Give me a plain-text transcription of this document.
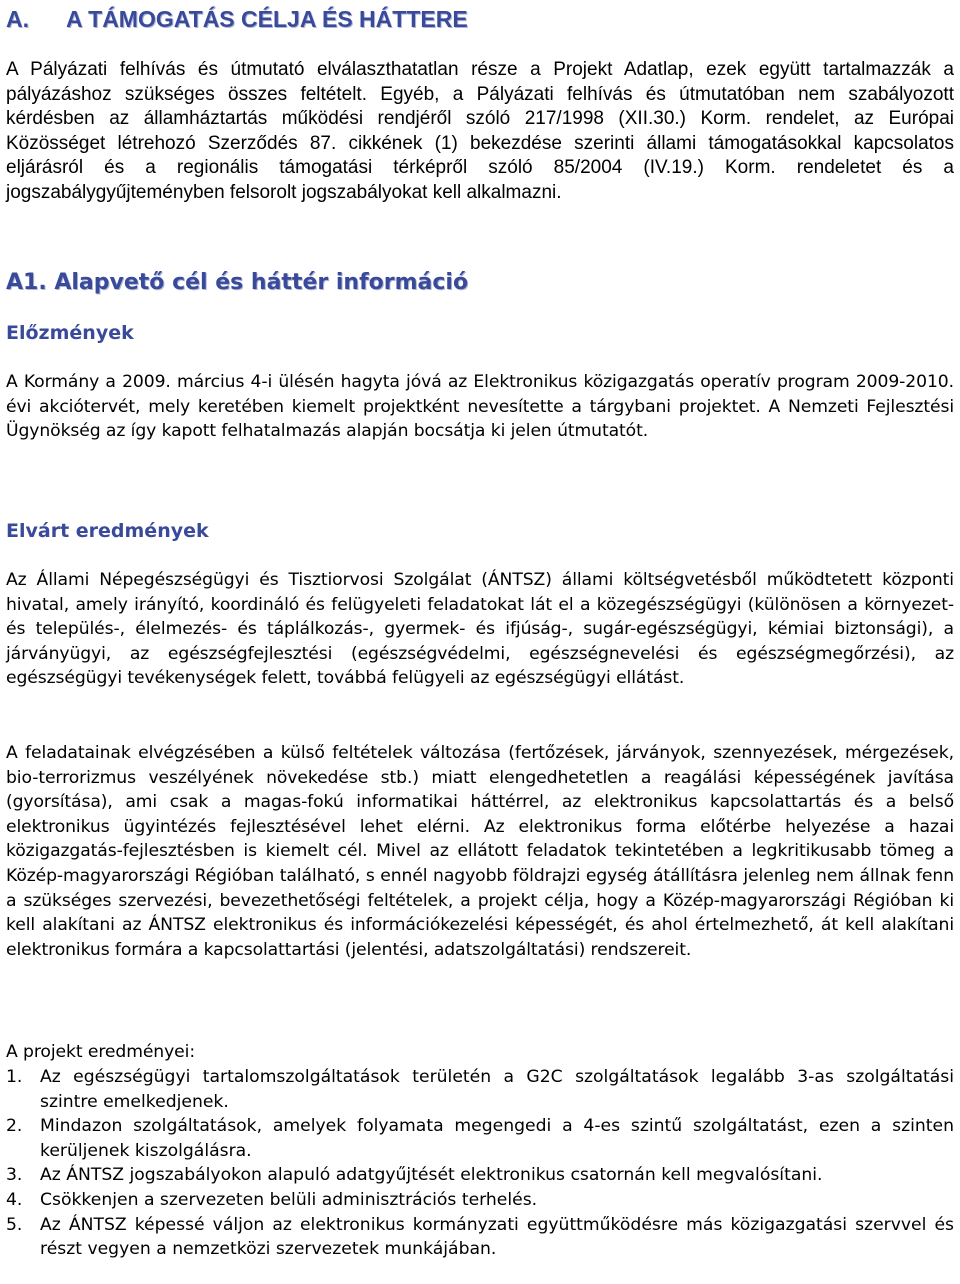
A. A TÁMOGATÁS CÉLJA ÉS HÁTTERE

A Pályázati felhívás és útmutató elválaszthatatlan része a Projekt Adatlap, ezek együtt tartalmazzák a pályázáshoz szükséges összes feltételt. Egyéb, a Pályázati felhívás és útmutatóban nem szabályozott kérdésben az államháztartás működési rendjéről szóló 217/1998 (XII.30.) Korm. rendelet, az Európai Közösséget létrehozó Szerződés 87. cikkének (1) bekezdése szerinti állami támogatásokkal kapcsolatos eljárásról és a regionális támogatási térképről szóló 85/2004 (IV.19.) Korm. rendeletet és a jogszabálygyűjteményben felsorolt jogszabályokat kell alkalmazni.

A1. Alapvető cél és háttér információ
Előzmények

A Kormány a 2009. március 4-i ülésén hagyta jóvá az Elektronikus közigazgatás operatív program 2009-2010. évi akciótervét, mely keretében kiemelt projektként nevesítette a tárgybani projektet. A Nemzeti Fejlesztési Ügynökség az így kapott felhatalmazás alapján bocsátja ki jelen útmutatót.

Elvárt eredmények

Az Állami Népegészségügyi és Tisztiorvosi Szolgálat (ÁNTSZ) állami költségvetésből működtetett központi hivatal, amely irányító, koordináló és felügyeleti feladatokat lát el a közegészségügyi (különösen a környezet- és település-, élelmezés- és táplálkozás-, gyermek- és ifjúság-, sugár-egészségügyi, kémiai biztonsági), a járványügyi, az egészségfejlesztési (egészségvédelmi, egészségnevelési és egészségmegőrzési), az egészségügyi tevékenységek felett, továbbá felügyeli az egészségügyi ellátást.

A feladatainak elvégzésében a külső feltételek változása (fertőzések, járványok, szennyezések, mérgezések, bio-terrorizmus veszélyének növekedése stb.) miatt elengedhetetlen a reagálási képességének javítása (gyorsítása), ami csak a magas-fokú informatikai háttérrel, az elektronikus kapcsolattartás és a belső elektronikus ügyintézés fejlesztésével lehet elérni. Az elektronikus forma előtérbe helyezése a hazai közigazgatás-fejlesztésben is kiemelt cél. Mivel az ellátott feladatok tekintetében a legkritikusabb tömeg a Közép-magyarországi Régióban található, s ennél nagyobb földrajzi egység átállításra jelenleg nem állnak fenn a szükséges szervezési, bevezethetőségi feltételek, a projekt célja, hogy a Közép-magyarországi Régióban ki kell alakítani az ÁNTSZ elektronikus és információkezelési képességét, és ahol értelmezhető, át kell alakítani elektronikus formára a kapcsolattartási (jelentési, adatszolgáltatási) rendszereit.

A projekt eredményei:

1.	Az egészségügyi tartalomszolgáltatások területén a G2C szolgáltatások legalább 3-as szolgáltatási szintre emelkedjenek.
2.	Mindazon szolgáltatások, amelyek folyamata megengedi a 4-es szintű szolgáltatást, ezen a szinten kerüljenek kiszolgálásra.
3.	Az ÁNTSZ jogszabályokon alapuló adatgyűjtését elektronikus csatornán kell megvalósítani.
4.	Csökkenjen a szervezeten belüli adminisztrációs terhelés.
5.	Az ÁNTSZ képessé váljon az elektronikus kormányzati együttműködésre más közigazgatási szervvel és részt vegyen a nemzetközi szervezetek munkájában.
